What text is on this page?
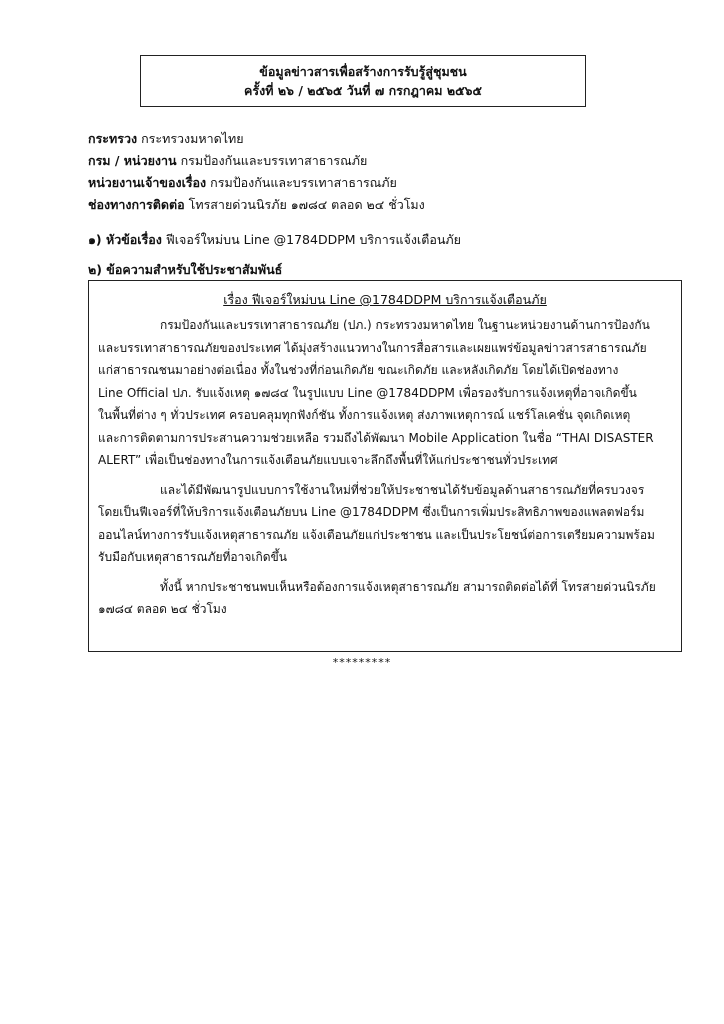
ข้อมูลข่าวสารเพื่อสร้างการรับรู้สู่ชุมชน
ครั้งที่ ๒๖ / ๒๕๖๕ วันที่ ๗ กรกฎาคม ๒๕๖๕
กระทรวง กระทรวงมหาดไทย
กรม / หน่วยงาน กรมป้องกันและบรรเทาสาธารณภัย
หน่วยงานเจ้าของเรื่อง กรมป้องกันและบรรเทาสาธารณภัย
ช่องทางการติดต่อ โทรสายด่วนนิรภัย ๑๗๘๔ ตลอด ๒๔ ชั่วโมง
๑) หัวข้อเรื่อง ฟีเจอร์ใหม่บน Line @1784DDPM บริการแจ้งเตือนภัย
๒) ข้อความสำหรับใช้ประชาสัมพันธ์
เรื่อง ฟีเจอร์ใหม่บน Line @1784DDPM บริการแจ้งเตือนภัย
กรมป้องกันและบรรเทาสาธารณภัย (ปภ.) กระทรวงมหาดไทย ในฐานะหน่วยงานด้านการป้องกัน
และบรรเทาสาธารณภัยของประเทศ ได้มุ่งสร้างแนวทางในการสื่อสารและเผยแพร่ข้อมูลข่าวสารสาธารณภัย
แก่สาธารณชนมาอย่างต่อเนื่อง ทั้งในช่วงที่ก่อนเกิดภัย ขณะเกิดภัย และหลังเกิดภัย โดยได้เปิดช่องทาง
Line Official ปภ. รับแจ้งเหตุ ๑๗๘๔ ในรูปแบบ Line @1784DDPM เพื่อรองรับการแจ้งเหตุที่อาจเกิดขึ้น
ในพื้นที่ต่าง ๆ ทั่วประเทศ ครอบคลุมทุกฟังก์ชัน ทั้งการแจ้งเหตุ ส่งภาพเหตุการณ์ แชร์โลเคชั่น จุดเกิดเหตุ
และการติดตามการประสานความช่วยเหลือ รวมถึงได้พัฒนา Mobile Application ในชื่อ “THAI DISASTER
ALERT” เพื่อเป็นช่องทางในการแจ้งเตือนภัยแบบเจาะลึกถึงพื้นที่ให้แก่ประชาชนทั่วประเทศ
และได้มีพัฒนารูปแบบการใช้งานใหม่ที่ช่วยให้ประชาชนได้รับข้อมูลด้านสาธารณภัยที่ครบวงจร
โดยเป็นฟีเจอร์ที่ให้บริการแจ้งเตือนภัยบน Line @1784DDPM ซึ่งเป็นการเพิ่มประสิทธิภาพของแพลตฟอร์ม
ออนไลน์ทางการรับแจ้งเหตุสาธารณภัย แจ้งเตือนภัยแก่ประชาชน และเป็นประโยชน์ต่อการเตรียมความพร้อม
รับมือกับเหตุสาธารณภัยที่อาจเกิดขึ้น
ทั้งนี้ หากประชาชนพบเห็นหรือต้องการแจ้งเหตุสาธารณภัย สามารถติดต่อได้ที่ โทรสายด่วนนิรภัย
๑๗๘๔ ตลอด ๒๔ ชั่วโมง
*********
